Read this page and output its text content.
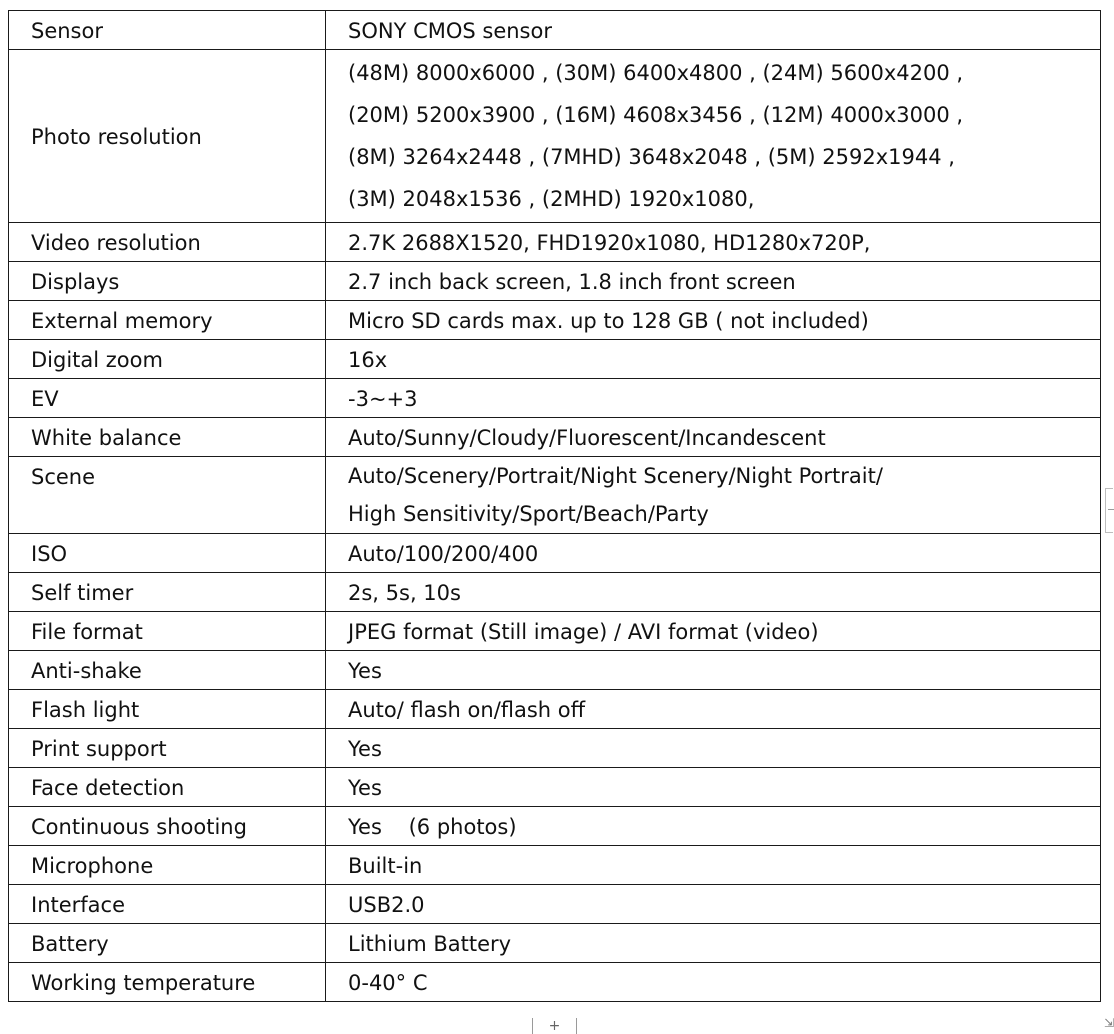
Sensor	SONY CMOS sensor

Photo resolution	(48M) 8000x6000 , (30M) 6400x4800 , (24M) 5600x4200 ,
(20M) 5200x3900 , (16M) 4608x3456 , (12M) 4000x3000 ,
(8M) 3264x2448 , (7MHD) 3648x2048 , (5M) 2592x1944 ,
(3M) 2048x1536 , (2MHD) 1920x1080,

Video resolution	2.7K 2688X1520, FHD1920x1080, HD1280x720P,

Displays	2.7 inch back screen, 1.8 inch front screen

External memory	Micro SD cards max. up to 128 GB ( not included)

Digital zoom	16x

EV	-3~+3

White balance	Auto/Sunny/Cloudy/Fluorescent/Incandescent

Scene	Auto/Scenery/Portrait/Night Scenery/Night Portrait/
High Sensitivity/Sport/Beach/Party

ISO	Auto/100/200/400

Self timer	2s, 5s, 10s

File format	JPEG format (Still image) / AVI format (video)

Anti-shake	Yes

Flash light	Auto/ flash on/flash off

Print support	Yes

Face detection	Yes

Continuous shooting	Yes    (6 photos)

Microphone	Built-in

Interface	USB2.0

Battery	Lithium Battery

Working temperature	0-40° C
+	⇲
